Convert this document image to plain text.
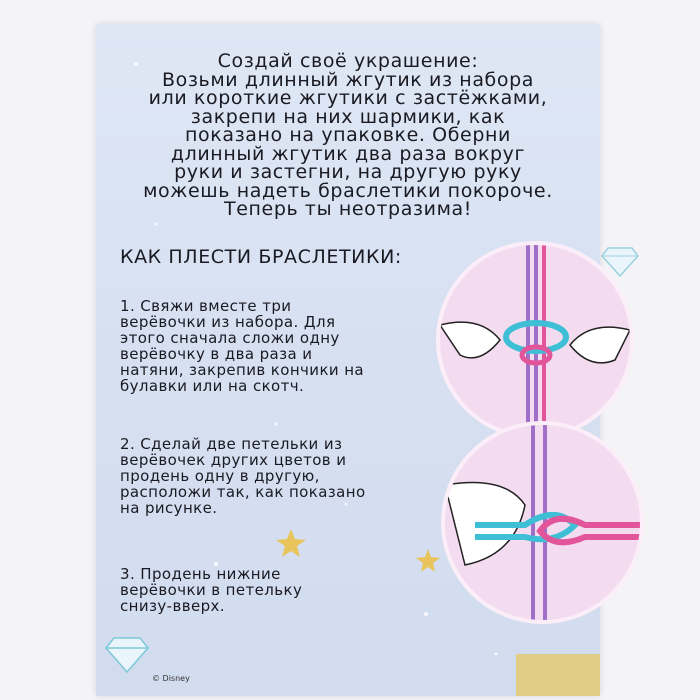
Создай своё украшение:
Возьми длинный жгутик из набора
или короткие жгутики с застёжками,
закрепи на них шармики, как
показано на упаковке. Оберни
длинный жгутик два раза вокруг
руки и застегни, на другую руку
можешь надеть браслетики покороче.
Теперь ты неотразима!
КАК ПЛЕСТИ БРАСЛЕТИКИ:
1. Свяжи вместе три
верёвочки из набора. Для
этого сначала сложи одну
верёвочку в два раза и
натяни, закрепив кончики на
булавки или на скотч.
2. Сделай две петельки из
верёвочек других цветов и
продень одну в другую,
расположи так, как показано
на рисунке.
3. Продень нижние
верёвочки в петельку
снизу-вверх.
© Disney
